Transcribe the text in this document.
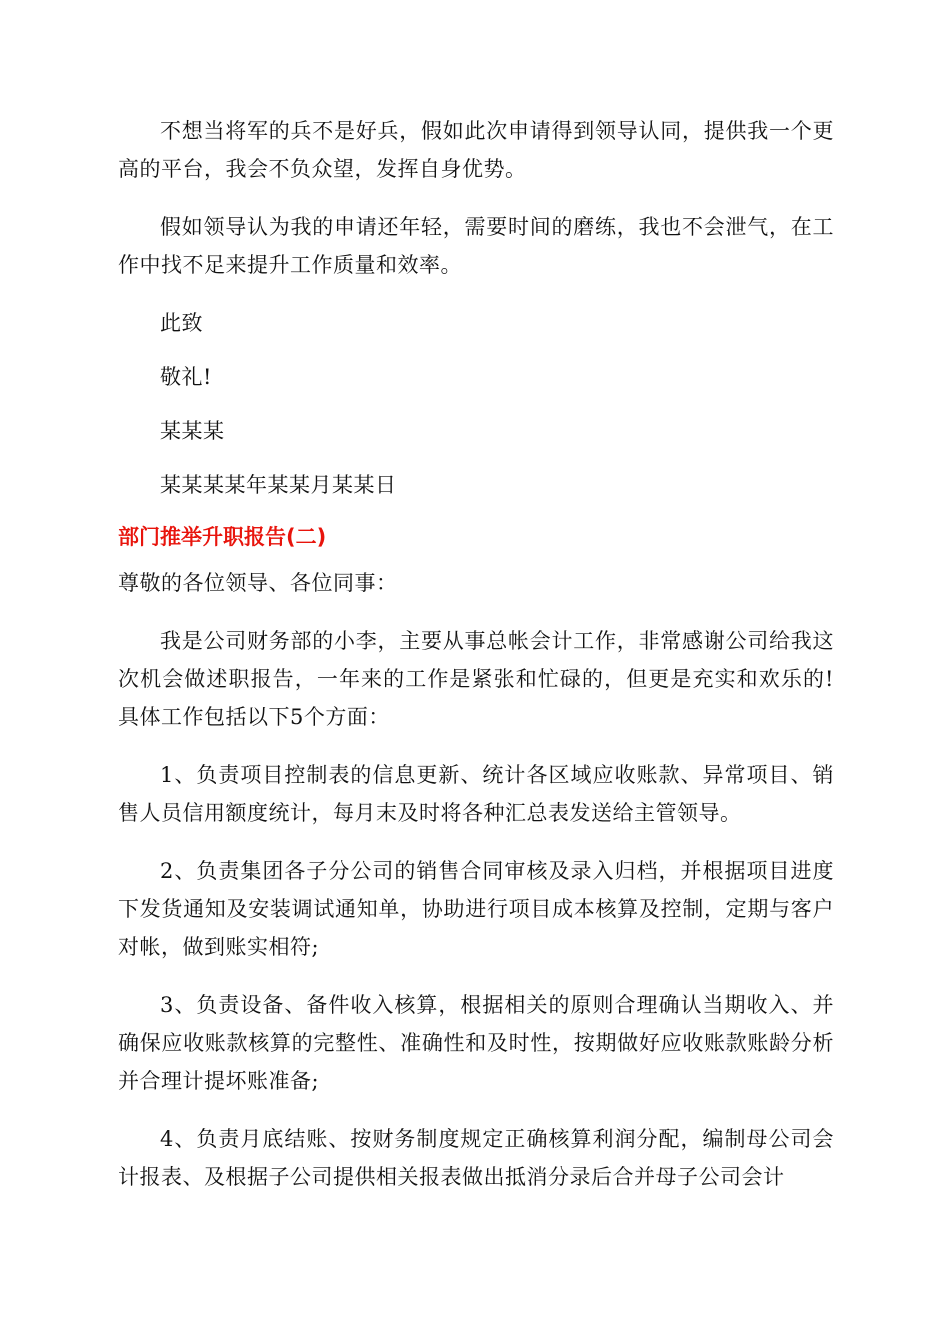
不想当将军的兵不是好兵，假如此次申请得到领导认同，提供我一个更高的平台，我会不负众望，发挥自身优势。

假如领导认为我的申请还年轻，需要时间的磨练，我也不会泄气，在工作中找不足来提升工作质量和效率。

此致

敬礼!

某某某

某某某某年某某月某某日

部门推举升职报告(二)

尊敬的各位领导、各位同事：

我是公司财务部的小李，主要从事总帐会计工作，非常感谢公司给我这次机会做述职报告，一年来的工作是紧张和忙碌的，但更是充实和欢乐的!具体工作包括以下5个方面：

1、负责项目控制表的信息更新、统计各区域应收账款、异常项目、销售人员信用额度统计，每月末及时将各种汇总表发送给主管领导。

2、负责集团各子分公司的销售合同审核及录入归档，并根据项目进度下发货通知及安装调试通知单，协助进行项目成本核算及控制，定期与客户对帐，做到账实相符;

3、负责设备、备件收入核算，根据相关的原则合理确认当期收入、并确保应收账款核算的完整性、准确性和及时性，按期做好应收账款账龄分析并合理计提坏账准备;

4、负责月底结账、按财务制度规定正确核算利润分配，编制母公司会计报表、及根据子公司提供相关报表做出抵消分录后合并母子公司会计
